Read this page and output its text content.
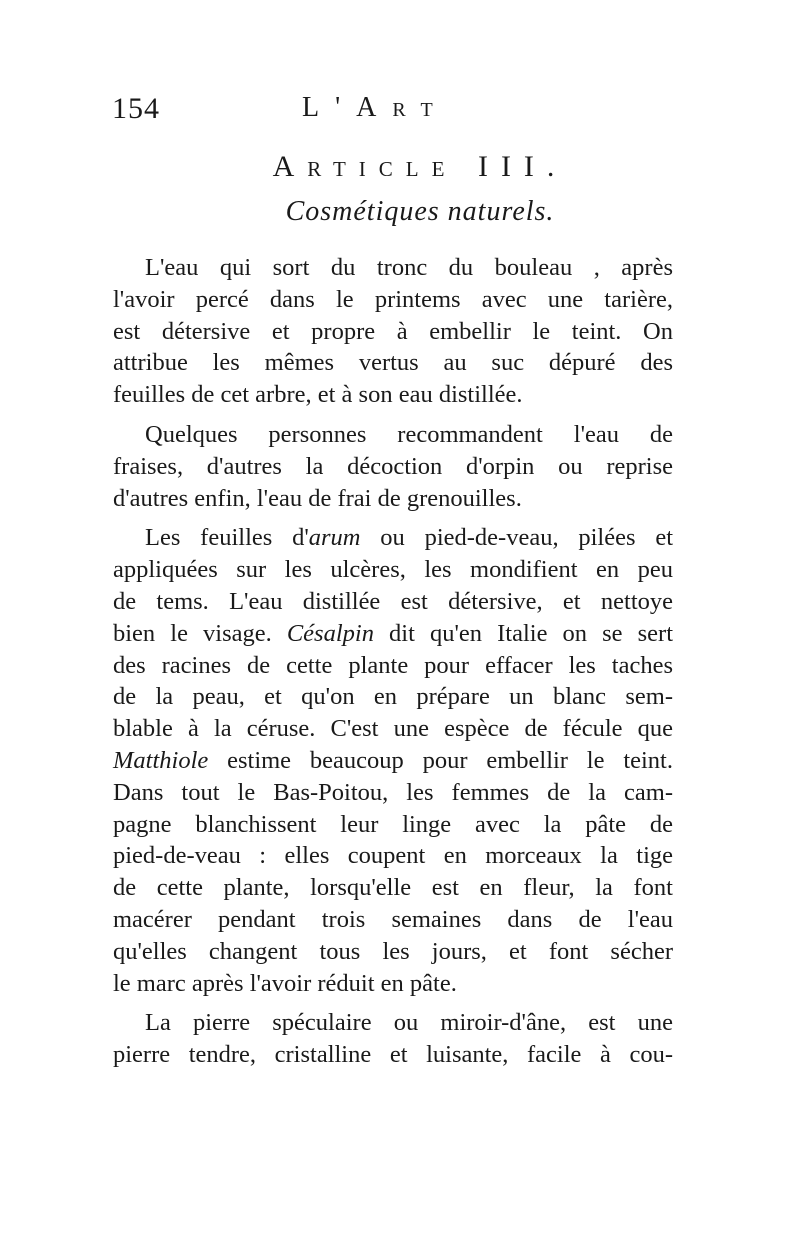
154	L'Art
Article III.
Cosmétiques naturels.
L'eau qui sort du tronc du bouleau , après
l'avoir percé dans le printems avec une tarière,
est détersive et propre à embellir le teint. On
attribue les mêmes vertus au suc dépuré des
feuilles de cet arbre, et à son eau distillée.
Quelques personnes recommandent l'eau de
fraises, d'autres la décoction d'orpin ou reprise
d'autres enfin, l'eau de frai de grenouilles.
Les feuilles d'arum ou pied-de-veau, pilées et
appliquées sur les ulcères, les mondifient en peu
de tems. L'eau distillée est détersive, et nettoye
bien le visage. Césalpin dit qu'en Italie on se sert
des racines de cette plante pour effacer les taches
de la peau, et qu'on en prépare un blanc sem-
blable à la céruse. C'est une espèce de fécule que
Matthiole estime beaucoup pour embellir le teint.
Dans tout le Bas-Poitou, les femmes de la cam-
pagne blanchissent leur linge avec la pâte de
pied-de-veau : elles coupent en morceaux la tige
de cette plante, lorsqu'elle est en fleur, la font
macérer pendant trois semaines dans de l'eau
qu'elles changent tous les jours, et font sécher
le marc après l'avoir réduit en pâte.
La pierre spéculaire ou miroir-d'âne, est une
pierre tendre, cristalline et luisante, facile à cou-
